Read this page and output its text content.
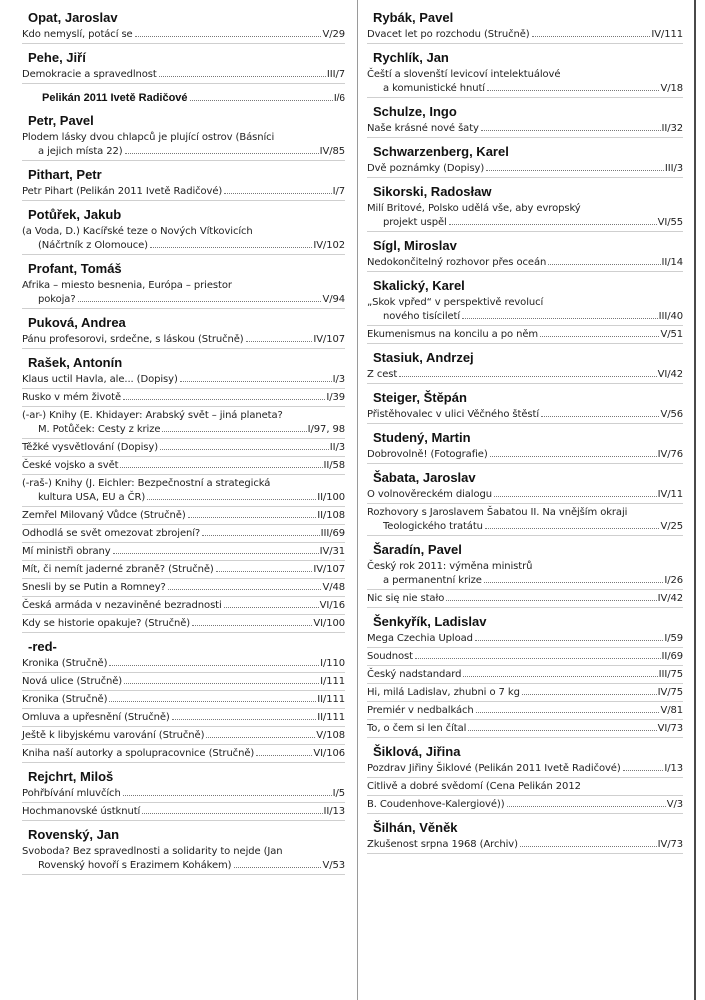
Opat, Jaroslav
Kdo nemyslí, potácí se	V/29
Pehe, Jiří
Demokracie a spravedlnost	III/7
Pelikán 2011 Ivetě Radičové	I/6
Petr, Pavel
Plodem lásky dvou chlapců je plující ostrov (Básníci
a jejich místa 22)	IV/85
Pithart, Petr
Petr Pihart (Pelikán 2011 Ivetě Radičové)	I/7
Potůřek, Jakub
(a Voda, D.) Kacířské teze o Nových Vítkovicích
(Náčrtník z Olomouce)	IV/102
Profant, Tomáš
Afrika – miesto besnenia, Európa – priestor
pokoja?	V/94
Puková, Andrea
Pánu profesorovi, srdečne, s láskou (Stručně)	IV/107
Rašek, Antonín
Klaus uctil Havla, ale... (Dopisy)	I/3
Rusko v mém životě	I/39
(-ar-) Knihy (E. Khidayer: Arabský svět – jiná planeta?
M. Potůček: Cesty z krize	I/97, 98
Těžké vysvětlování (Dopisy)	II/3
České vojsko a svět	II/58
(-raš-) Knihy (J. Eichler: Bezpečnostní a strategická
kultura USA, EU a ČR)	II/100
Zemřel Milovaný Vůdce (Stručně)	II/108
Odhodlá se svět omezovat zbrojení?	III/69
Mí ministři obrany	IV/31
Mít, či nemít jaderné zbraně? (Stručně)	IV/107
Snesli by se Putin a Romney?	V/48
Česká armáda v nezaviněné bezradnosti	VI/16
Kdy se historie opakuje? (Stručně)	VI/100
-red-
Kronika (Stručně)	I/110
Nová ulice (Stručně)	I/111
Kronika (Stručně)	II/111
Omluva a upřesnění (Stručně)	II/111
Ještě k libyjskému varování (Stručně)	V/108
Kniha naší autorky a spolupracovnice (Stručně)	VI/106
Rejchrt, Miloš
Pohřbívání mluvčích	I/5
Hochmanovské ústknutí	II/13
Rovenský, Jan
Svoboda? Bez spravedlnosti a solidarity to nejde (Jan
Rovenský hovoří s Erazimem Kohákem)	V/53
Rybák, Pavel
Dvacet let po rozchodu (Stručně)	IV/111
Rychlík, Jan
Čeští a slovenští levicoví intelektuálové
a komunistické hnutí	V/18
Schulze, Ingo
Naše krásné nové šaty	II/32
Schwarzenberg, Karel
Dvě poznámky (Dopisy)	III/3
Sikorski, Radosław
Milí Britové, Polsko udělá vše, aby evropský
projekt uspěl	VI/55
Sígl, Miroslav
Nedokončitelný rozhovor přes oceán	II/14
Skalický, Karel
„Skok vpřed“ v perspektivě revolucí
nového tisíciletí	III/40
Ekumenismus na koncilu a po něm	V/51
Stasiuk, Andrzej
Z cest	VI/42
Steiger, Štěpán
Přistěhovalec v ulici Věčného štěstí	V/56
Studený, Martin
Dobrovolně! (Fotografie)	IV/76
Šabata, Jaroslav
O volnověreckém dialogu	IV/11
Rozhovory s Jaroslavem Šabatou II. Na vnějším okraji
Teologického tratátu	V/25
Šaradín, Pavel
Český rok 2011: výměna ministrů
a permanentní krize	I/26
Nic się nie stało	IV/42
Šenkyřík, Ladislav
Mega Czechia Upload	I/59
Soudnost	II/69
Český nadstandard	III/75
Hi, milá Ladislav, zhubni o 7 kg	IV/75
Premiér v nedbalkách	V/81
To, o čem si len čítal	VI/73
Šiklová, Jiřina
Pozdrav Jiřiny Šiklové (Pelikán 2011 Ivetě Radičové)	I/13
Citlivě a dobré svědomí (Cena Pelikán 2012
B. Coudenhove-Kalergiové))	V/3
Šilhán, Věněk
Zkušenost srpna 1968 (Archiv)	IV/73
